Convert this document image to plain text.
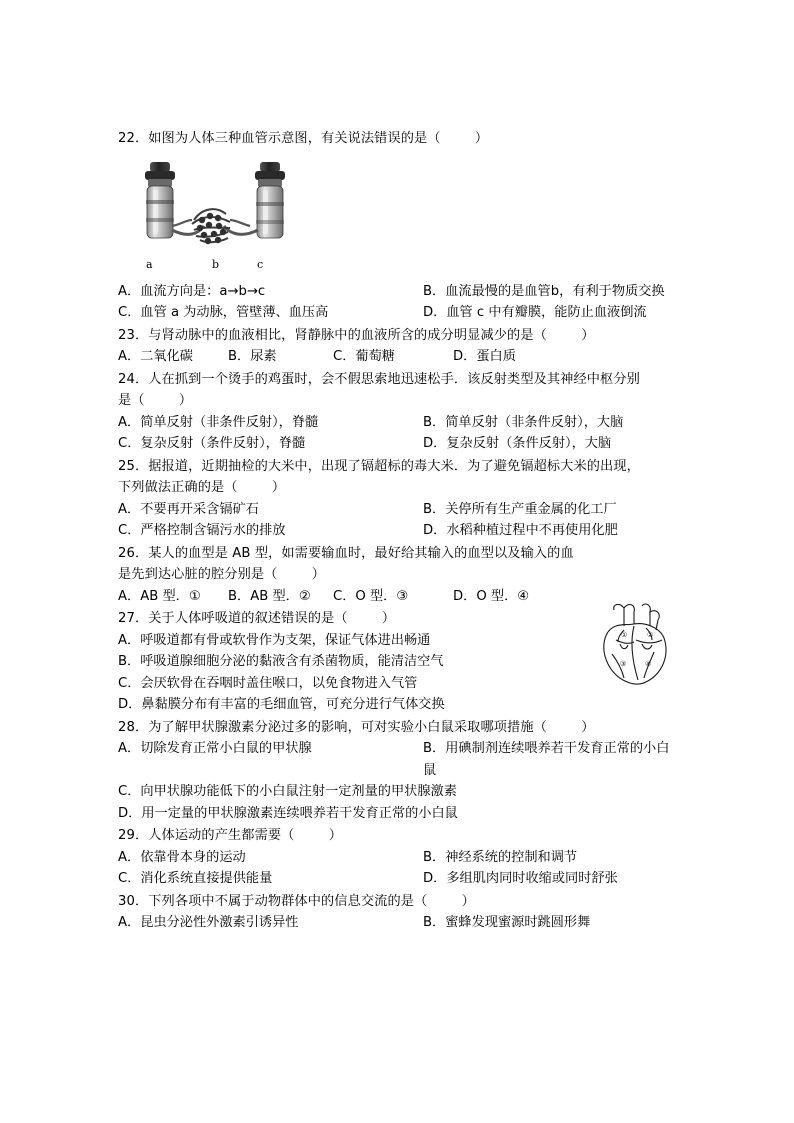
22．如图为人体三种血管示意图，有关说法错误的是（        ）
a	b	c
A．血流方向是：a→b→c	B．血流最慢的是血管b，有利于物质交换
C．血管 a 为动脉，管壁薄、血压高	D．血管 c 中有瓣膜，能防止血液倒流
23．与肾动脉中的血液相比，肾静脉中的血液所含的成分明显减少的是（        ）
A．二氧化碳	B．尿素	C．葡萄糖	D．蛋白质
24．人在抓到一个烫手的鸡蛋时，会不假思索地迅速松手．该反射类型及其神经中枢分别
是（        ）
A．简单反射（非条件反射），脊髓	B．简单反射（非条件反射），大脑
C．复杂反射（条件反射），脊髓	D．复杂反射（条件反射），大脑
25．据报道，近期抽检的大米中，出现了镉超标的毒大米．为了避免镉超标大米的出现，
下列做法正确的是（        ）
A．不要再开采含镉矿石	B．关停所有生产重金属的化工厂
C．严格控制含镉污水的排放	D．水稻种植过程中不再使用化肥
26．某人的血型是 AB 型，如需要输血时，最好给其输入的血型以及输入的血
是先到达心脏的腔分别是（        ）
A．AB 型．①	B．AB 型．②	C．O 型．③	D．O 型．④
①	②
③	④
27．关于人体呼吸道的叙述错误的是（        ）
A．呼吸道都有骨或软骨作为支架，保证气体进出畅通
B．呼吸道腺细胞分泌的黏液含有杀菌物质，能清洁空气
C．会厌软骨在吞咽时盖住喉口，以免食物进入气管
D．鼻黏膜分布有丰富的毛细血管，可充分进行气体交换
28．为了解甲状腺激素分泌过多的影响，可对实验小白鼠采取哪项措施（        ）
A．切除发育正常小白鼠的甲状腺	B．用碘制剂连续喂养若干发育正常的小白鼠
C．向甲状腺功能低下的小白鼠注射一定剂量的甲状腺激素
D．用一定量的甲状腺激素连续喂养若干发育正常的小白鼠
29．人体运动的产生都需要（        ）
A．依靠骨本身的运动	B．神经系统的控制和调节
C．消化系统直接提供能量	D．多组肌肉同时收缩或同时舒张
30．下列各项中不属于动物群体中的信息交流的是（        ）
A．昆虫分泌性外激素引诱异性	B．蜜蜂发现蜜源时跳圆形舞
